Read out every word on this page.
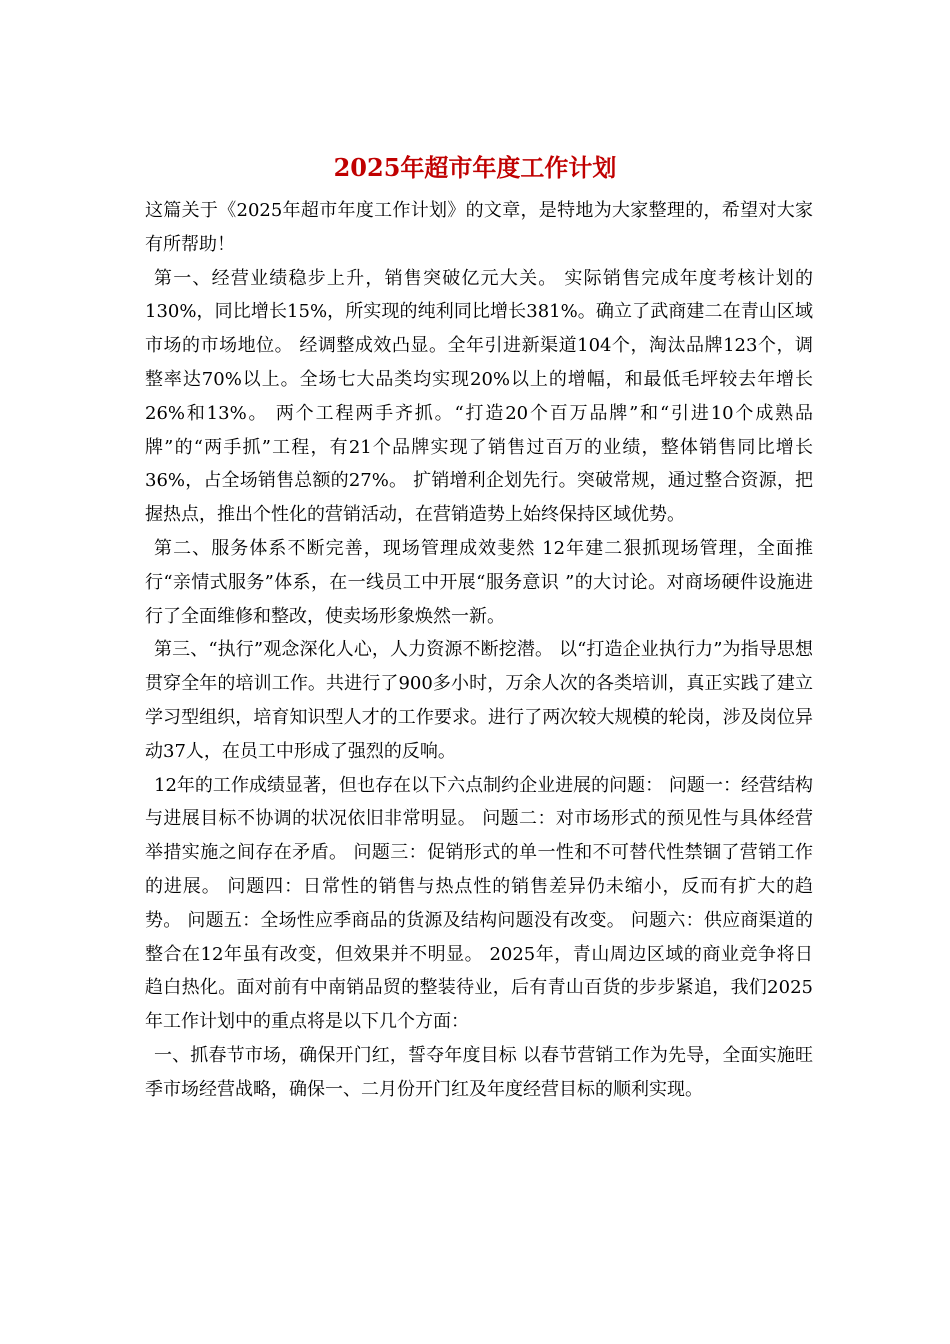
2025年超市年度工作计划

这篇关于《2025年超市年度工作计划》的文章，是特地为大家整理的，希望对大家有所帮助！

第一、经营业绩稳步上升，销售突破亿元大关。 实际销售完成年度考核计划的130%，同比增长15%，所实现的纯利同比增长381%。确立了武商建二在青山区域市场的市场地位。 经调整成效凸显。全年引进新渠道104个，淘汰品牌123个，调整率达70%以上。全场七大品类均实现20%以上的增幅，和最低毛坪较去年增长26%和13%。 两个工程两手齐抓。“打造20个百万品牌”和“引进10个成熟品牌”的“两手抓”工程，有21个品牌实现了销售过百万的业绩，整体销售同比增长36%，占全场销售总额的27%。 扩销增利企划先行。突破常规，通过整合资源，把握热点，推出个性化的营销活动，在营销造势上始终保持区域优势。

第二、服务体系不断完善，现场管理成效斐然 12年建二狠抓现场管理，全面推行“亲情式服务”体系，在一线员工中开展“服务意识 ”的大讨论。对商场硬件设施进行了全面维修和整改，使卖场形象焕然一新。

第三、“执行”观念深化人心，人力资源不断挖潜。 以“打造企业执行力”为指导思想贯穿全年的培训工作。共进行了900多小时，万余人次的各类培训，真正实践了建立学习型组织，培育知识型人才的工作要求。进行了两次较大规模的轮岗，涉及岗位异动37人，在员工中形成了强烈的反响。

12年的工作成绩显著，但也存在以下六点制约企业进展的问题： 问题一：经营结构与进展目标不协调的状况依旧非常明显。 问题二：对市场形式的预见性与具体经营举措实施之间存在矛盾。 问题三：促销形式的单一性和不可替代性禁锢了营销工作的进展。 问题四：日常性的销售与热点性的销售差异仍未缩小，反而有扩大的趋势。 问题五：全场性应季商品的货源及结构问题没有改变。 问题六：供应商渠道的整合在12年虽有改变，但效果并不明显。 2025年，青山周边区域的商业竞争将日趋白热化。面对前有中南销品贸的整装待业，后有青山百货的步步紧追，我们2025年工作计划中的重点将是以下几个方面：

一、抓春节市场，确保开门红，誓夺年度目标 以春节营销工作为先导，全面实施旺季市场经营战略，确保一、二月份开门红及年度经营目标的顺利实现。
